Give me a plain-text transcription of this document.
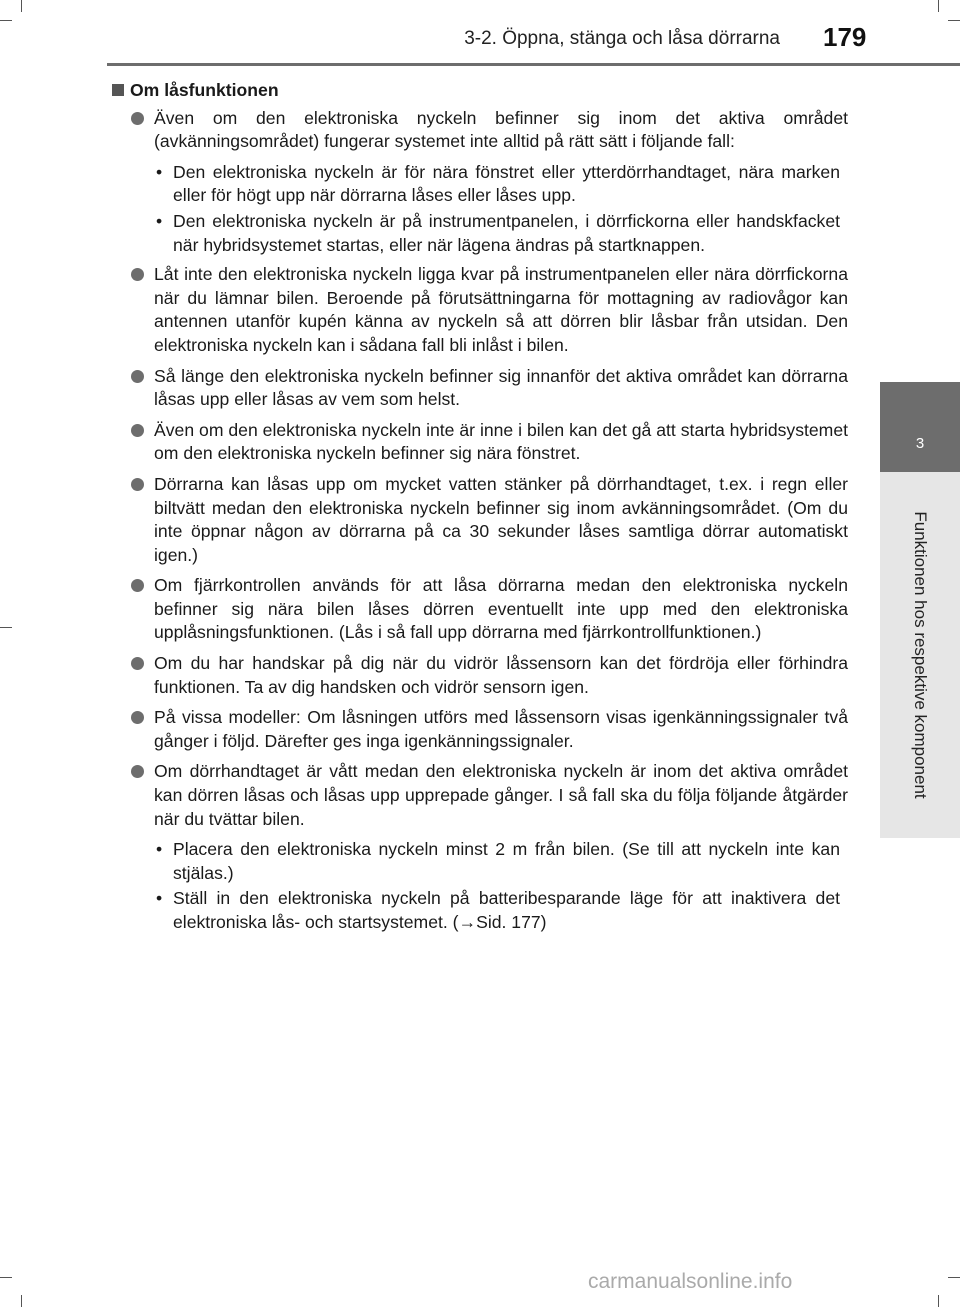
3-2. Öppna, stänga och låsa dörrarna 179
3
Funktionen hos respektive komponent
Om låsfunktionen
Även om den elektroniska nyckeln befinner sig inom det aktiva området (avkänningsområdet) fungerar systemet inte alltid på rätt sätt i följande fall:
• Den elektroniska nyckeln är för nära fönstret eller ytterdörrhandtaget, nära marken eller för högt upp när dörrarna låses eller låses upp.
• Den elektroniska nyckeln är på instrumentpanelen, i dörrfickorna eller handskfacket när hybridsystemet startas, eller när lägena ändras på startknappen.
Låt inte den elektroniska nyckeln ligga kvar på instrumentpanelen eller nära dörrfickorna när du lämnar bilen. Beroende på förutsättningarna för mottagning av radiovågor kan antennen utanför kupén känna av nyckeln så att dörren blir låsbar från utsidan. Den elektroniska nyckeln kan i sådana fall bli inlåst i bilen.
Så länge den elektroniska nyckeln befinner sig innanför det aktiva området kan dörrarna låsas upp eller låsas av vem som helst.
Även om den elektroniska nyckeln inte är inne i bilen kan det gå att starta hybridsystemet om den elektroniska nyckeln befinner sig nära fönstret.
Dörrarna kan låsas upp om mycket vatten stänker på dörrhandtaget, t.ex. i regn eller biltvätt medan den elektroniska nyckeln befinner sig inom avkänningsområdet. (Om du inte öppnar någon av dörrarna på ca 30 sekunder låses samtliga dörrar automatiskt igen.)
Om fjärrkontrollen används för att låsa dörrarna medan den elektroniska nyckeln befinner sig nära bilen låses dörren eventuellt inte upp med den elektroniska upplåsningsfunktionen. (Lås i så fall upp dörrarna med fjärrkontrollfunktionen.)
Om du har handskar på dig när du vidrör låssensorn kan det fördröja eller förhindra funktionen. Ta av dig handsken och vidrör sensorn igen.
På vissa modeller: Om låsningen utförs med låssensorn visas igenkänningssignaler två gånger i följd. Därefter ges inga igenkänningssignaler.
Om dörrhandtaget är vått medan den elektroniska nyckeln är inom det aktiva området kan dörren låsas och låsas upp upprepade gånger. I så fall ska du följa följande åtgärder när du tvättar bilen.
• Placera den elektroniska nyckeln minst 2 m från bilen. (Se till att nyckeln inte kan stjälas.)
• Ställ in den elektroniska nyckeln på batteribesparande läge för att inaktivera det elektroniska lås- och startsystemet. (→Sid. 177)
carmanualsonline.info
